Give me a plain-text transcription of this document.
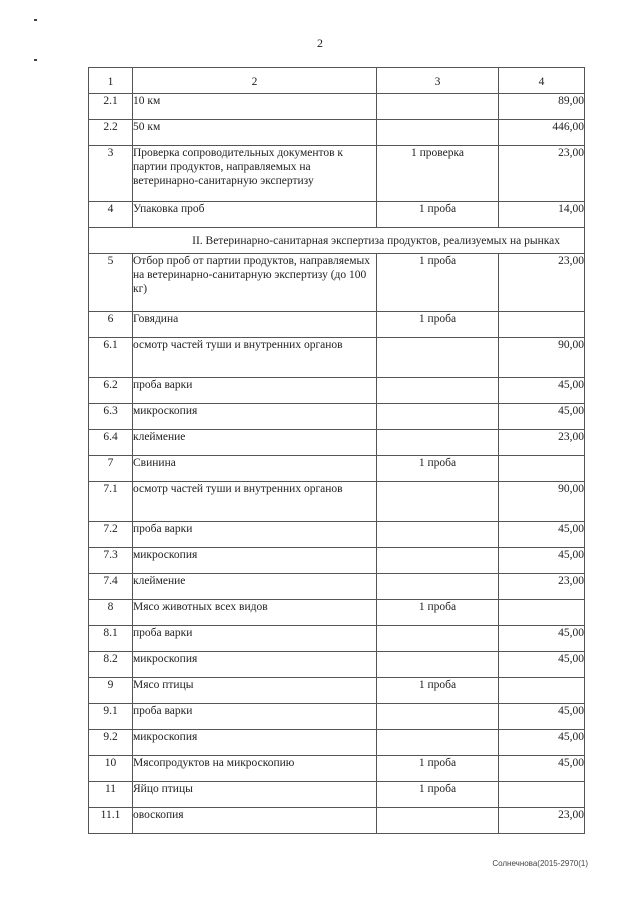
2
1	2	3	4
2.1	10 км		89,00
2.2	50 км		446,00
3	Проверка сопроводительных документов к партии продуктов, направляемых на ветеринарно-санитарную экспертизу	1 проверка	23,00
4	Упаковка проб	1 проба	14,00
II. Ветеринарно-санитарная экспертиза продуктов, реализуемых на рынках			
5	Отбор проб от партии продуктов, направляемых на ветеринарно-санитарную экспертизу (до 100 кг)	1 проба	23,00
6	Говядина	1 проба	
6.1	осмотр частей туши и внутренних органов		90,00
6.2	проба варки		45,00
6.3	микроскопия		45,00
6.4	клеймение		23,00
7	Свинина	1 проба	
7.1	осмотр частей туши и внутренних органов		90,00
7.2	проба варки		45,00
7.3	микроскопия		45,00
7.4	клеймение		23,00
8	Мясо животных всех видов	1 проба	
8.1	проба варки		45,00
8.2	микроскопия		45,00
9	Мясо птицы	1 проба	
9.1	проба варки		45,00
9.2	микроскопия		45,00
10	Мясопродуктов на микроскопию	1 проба	45,00
11	Яйцо птицы	1 проба	
11.1	овоскопия		23,00
Солнечнова(2015-2970(1)
